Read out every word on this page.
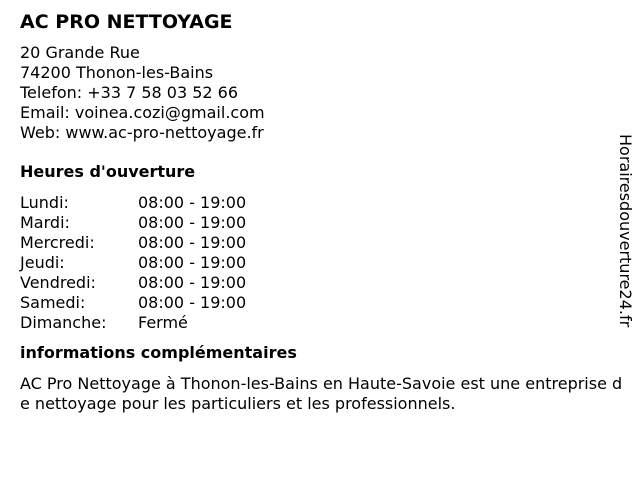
AC PRO NETTOYAGE
20 Grande Rue
74200 Thonon-les-Bains
Telefon: +33 7 58 03 52 66
Email: voinea.cozi@gmail.com
Web: www.ac-pro-nettoyage.fr
Heures d'ouverture
Lundi:	08:00 - 19:00
Mardi:	08:00 - 19:00
Mercredi:	08:00 - 19:00
Jeudi:	08:00 - 19:00
Vendredi:	08:00 - 19:00
Samedi:	08:00 - 19:00
Dimanche:	Fermé
informations complémentaires
AC Pro Nettoyage à Thonon-les-Bains en Haute-Savoie est une entreprise de nettoyage pour les particuliers et les professionnels.
Horairesdouverture24.fr
